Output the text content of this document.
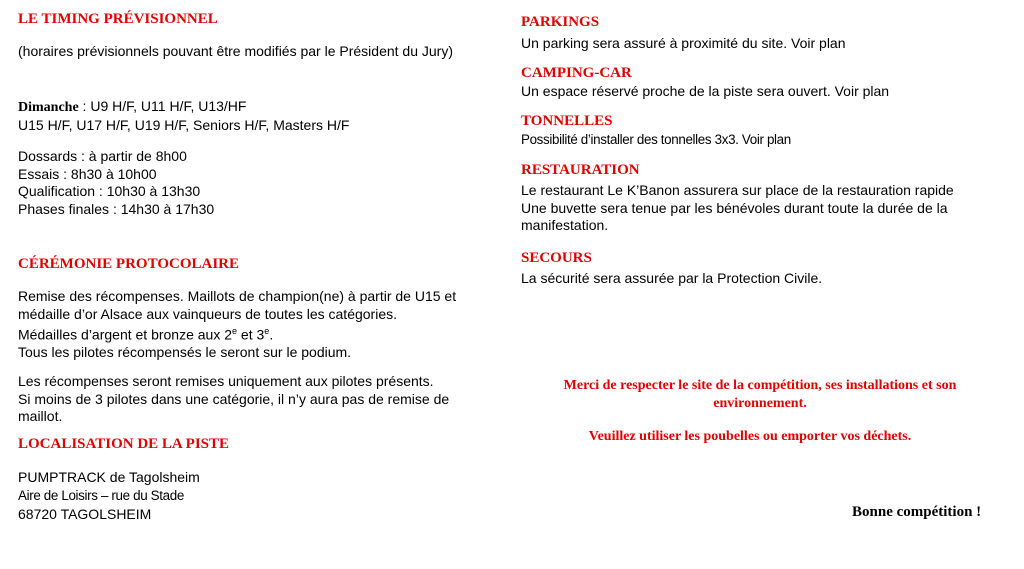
LE TIMING PRÉVISIONNEL
(horaires prévisionnels pouvant être modifiés par le Président du Jury)
Dimanche : U9 H/F, U11 H/F, U13/HF
U15 H/F, U17 H/F, U19 H/F, Seniors H/F, Masters H/F
Dossards : à partir de 8h00
Essais : 8h30 à 10h00
Qualification : 10h30 à 13h30
Phases finales : 14h30 à 17h30
CÉRÉMONIE PROTOCOLAIRE
Remise des récompenses. Maillots de champion(ne) à partir de U15 et
médaille d’or Alsace aux vainqueurs de toutes les catégories.
Médailles d’argent et bronze aux 2e et 3e.
Tous les pilotes récompensés le seront sur le podium.
Les récompenses seront remises uniquement aux pilotes présents.
Si moins de 3 pilotes dans une catégorie, il n’y aura pas de remise de
maillot.
LOCALISATION DE LA PISTE
PUMPTRACK de Tagolsheim
Aire de Loisirs – rue du Stade
68720 TAGOLSHEIM
PARKINGS
Un parking sera assuré à proximité du site. Voir plan
CAMPING-CAR
Un espace réservé proche de la piste sera ouvert. Voir plan
TONNELLES
Possibilité d’installer des tonnelles 3x3. Voir plan
RESTAURATION
Le restaurant Le K’Banon assurera sur place de la restauration rapide
Une buvette sera tenue par les bénévoles durant toute la durée de la
manifestation.
SECOURS
La sécurité sera assurée par la Protection Civile.
Merci de respecter le site de la compétition, ses installations et son
environnement.
Veuillez utiliser les poubelles ou emporter vos déchets.
Bonne compétition !
